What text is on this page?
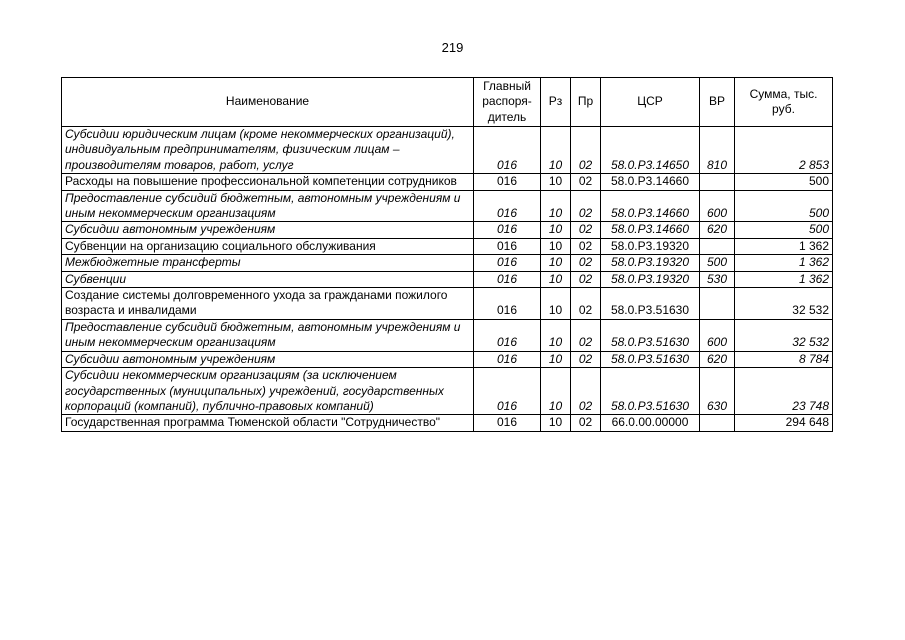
219
Наименование	Главный распоря-дитель	Рз	Пр	ЦСР	ВР	Сумма, тыс. руб.
Субсидии юридическим лицам (кроме некоммерческих организаций), индивидуальным предпринимателям, физическим лицам – производителям товаров, работ, услуг	016	10	02	58.0.Р3.14650	810	2 853
Расходы на повышение профессиональной компетенции сотрудников	016	10	02	58.0.Р3.14660		500
Предоставление субсидий бюджетным, автономным учреждениям и иным некоммерческим организациям	016	10	02	58.0.Р3.14660	600	500
Субсидии автономным учреждениям	016	10	02	58.0.Р3.14660	620	500
Субвенции на организацию социального обслуживания	016	10	02	58.0.Р3.19320		1 362
Межбюджетные трансферты	016	10	02	58.0.Р3.19320	500	1 362
Субвенции	016	10	02	58.0.Р3.19320	530	1 362
Создание системы долговременного ухода за гражданами пожилого возраста и инвалидами	016	10	02	58.0.Р3.51630		32 532
Предоставление субсидий бюджетным, автономным учреждениям и иным некоммерческим организациям	016	10	02	58.0.Р3.51630	600	32 532
Субсидии автономным учреждениям	016	10	02	58.0.Р3.51630	620	8 784
Субсидии некоммерческим организациям (за исключением государственных (муниципальных) учреждений, государственных корпораций (компаний), публично-правовых компаний)	016	10	02	58.0.Р3.51630	630	23 748
Государственная программа Тюменской области "Сотрудничество"	016	10	02	66.0.00.00000		294 648
